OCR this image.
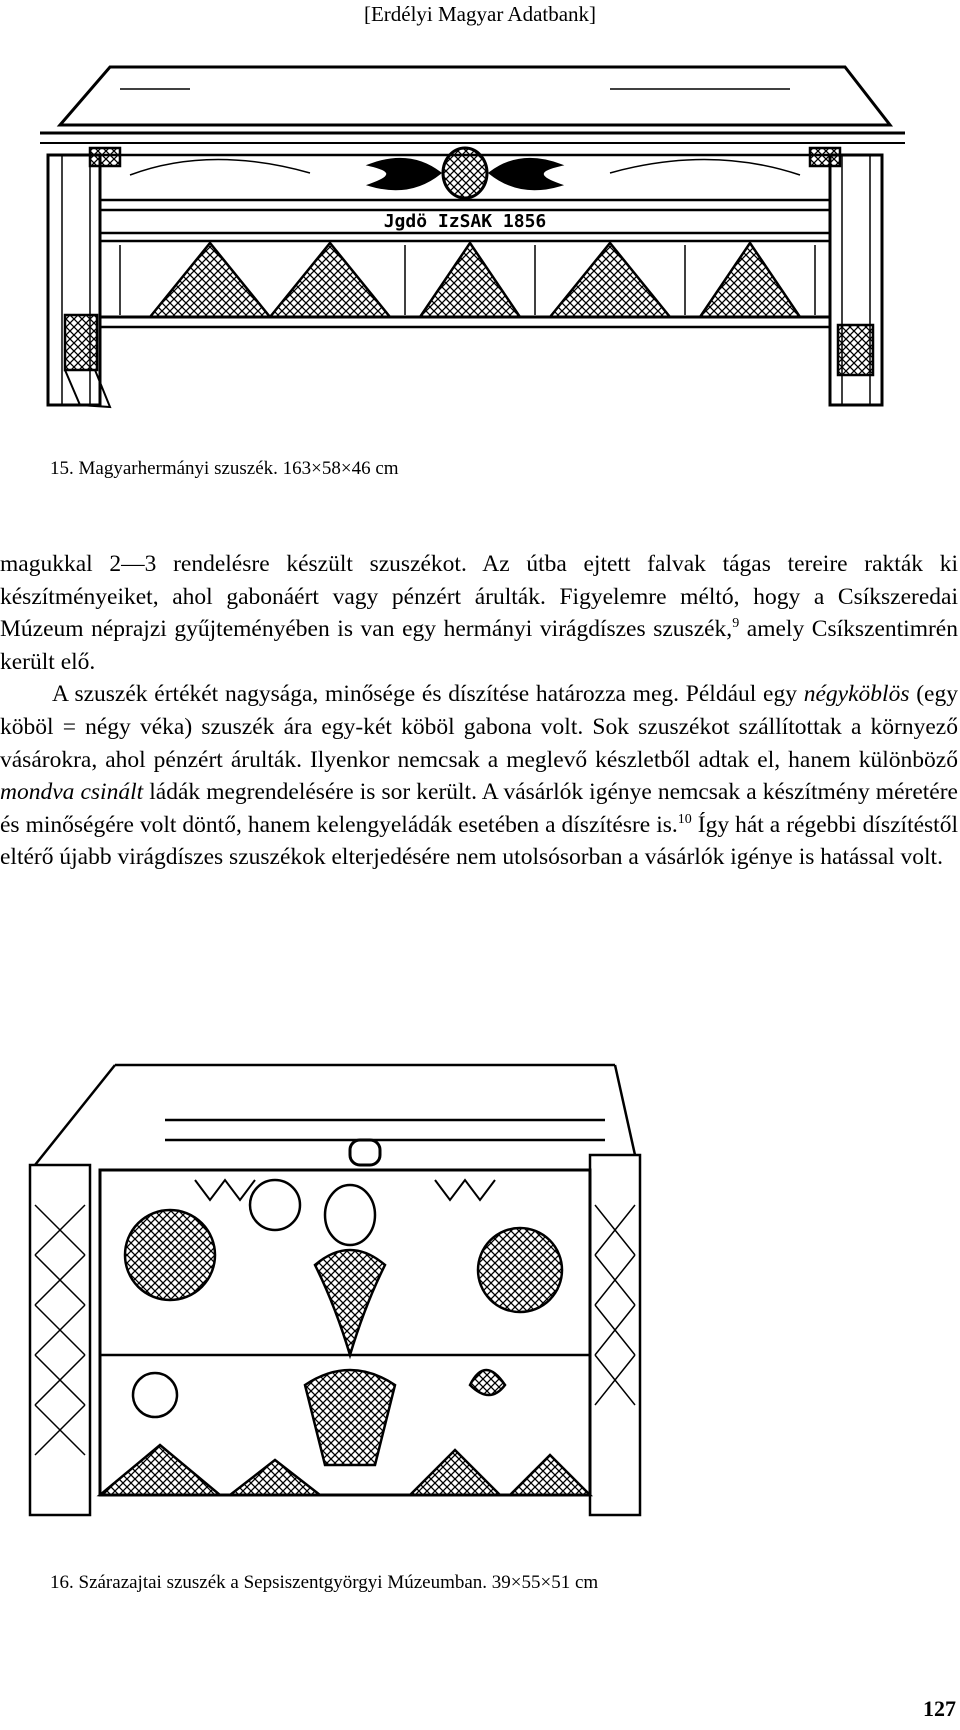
[Erdélyi Magyar Adatbank]
Jgdö IzSAK 1856
15. Magyarhermányi szuszék. 163×58×46 cm

magukkal 2—3 rendelésre készült szuszékot. Az útba ejtett falvak tágas tereire rakták ki készítményeiket, ahol gabonáért vagy pénzért árulták. Figyelemre méltó, hogy a Csíkszeredai Múzeum néprajzi gyűjteményében is van egy hermányi virágdíszes szuszék,$^9$ amely Csíkszentimrén került elő.

A szuszék értékét nagysága, minősége és díszítése határozza meg. Például egy négyköblös (egy köböl = négy véka) szuszék ára egy-két köböl gabona volt. Sok szuszékot szállítottak a környező vásárokra, ahol pénzért árulták. Ilyenkor nemcsak a meglevő készletből adtak el, hanem különböző mondva csinált ládák megrendelésére is sor került. A vásárlók igénye nemcsak a készítmény méretére és minőségére volt döntő, hanem kelengyeládák esetében a díszítésre is.$^{10}$ Így hát a régebbi díszítéstől eltérő újabb virágdíszes szuszékok elterjedésére nem utolsósorban a vásárlók igénye is hatással volt.

16. Szárazajtai szuszék a Sepsiszentgyörgyi Múzeumban. 39×55×51 cm
127
